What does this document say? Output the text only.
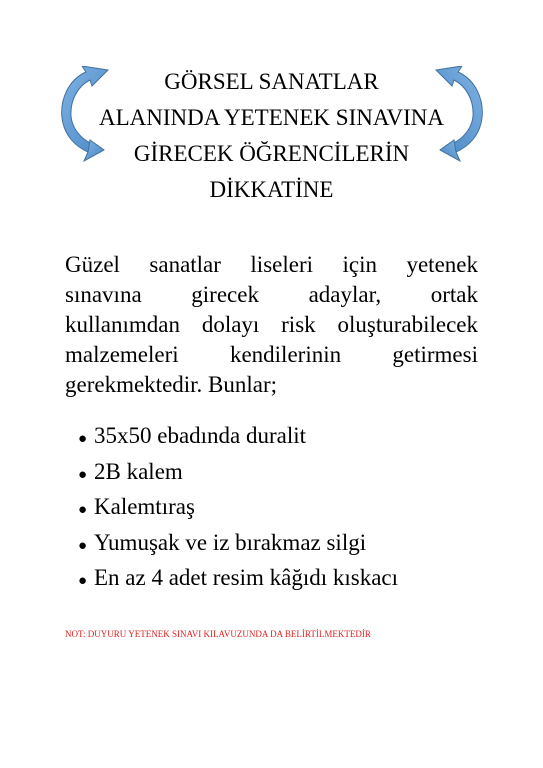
GÖRSEL SANATLAR
ALANINDA YETENEK SINAVINA
GİRECEK ÖĞRENCİLERİN
DİKKATİNE
Güzel sanatlar liseleri için yetenek
sınavına girecek adaylar, ortak
kullanımdan dolayı risk oluşturabilecek
malzemeleri kendilerinin getirmesi
gerekmektedir. Bunlar;
● 35x50 ebadında duralit
● 2B kalem
● Kalemtıraş
● Yumuşak ve iz bırakmaz silgi
● En az 4 adet resim kâğıdı kıskacı
NOT: DUYURU YETENEK SINAVI KILAVUZUNDA DA BELİRTİLMEKTEDİR
